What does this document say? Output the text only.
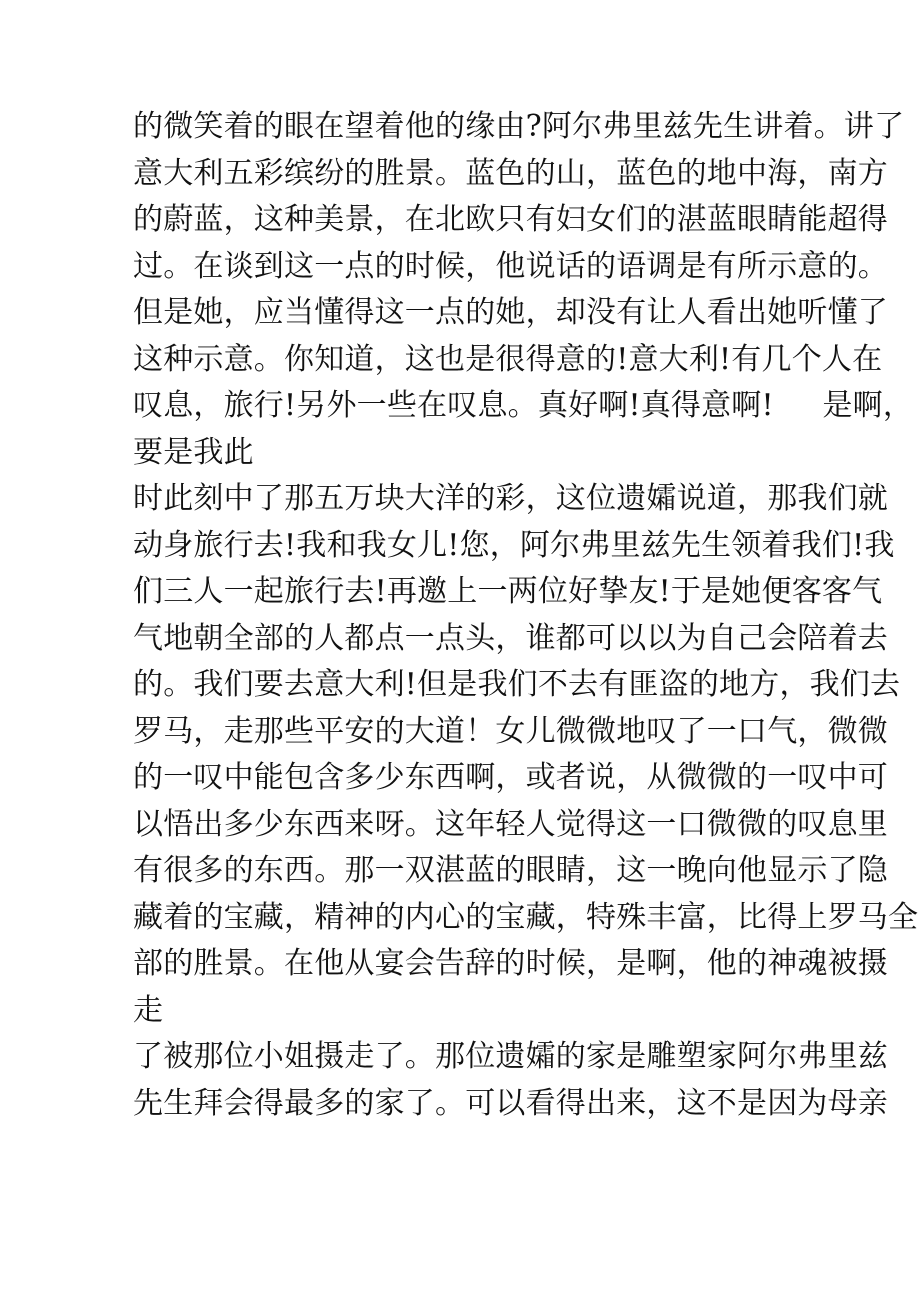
的微笑着的眼在望着他的缘由?阿尔弗里兹先生讲着。讲了
意大利五彩缤纷的胜景。蓝色的山，蓝色的地中海，南方
的蔚蓝，这种美景，在北欧只有妇女们的湛蓝眼睛能超得
过。在谈到这一点的时候，他说话的语调是有所示意的。
但是她，应当懂得这一点的她，却没有让人看出她听懂了
这种示意。你知道，这也是很得意的!意大利!有几个人在
叹息，旅行!另外一些在叹息。真好啊!真得意啊!     是啊，
要是我此
时此刻中了那五万块大洋的彩，这位遗孀说道，那我们就
动身旅行去!我和我女儿!您，阿尔弗里兹先生领着我们!我
们三人一起旅行去!再邀上一两位好挚友!于是她便客客气
气地朝全部的人都点一点头，谁都可以以为自己会陪着去
的。我们要去意大利!但是我们不去有匪盗的地方，我们去
罗马，走那些平安的大道！女儿微微地叹了一口气，微微
的一叹中能包含多少东西啊，或者说，从微微的一叹中可
以悟出多少东西来呀。这年轻人觉得这一口微微的叹息里
有很多的东西。那一双湛蓝的眼睛，这一晚向他显示了隐
藏着的宝藏，精神的内心的宝藏，特殊丰富，比得上罗马全
部的胜景。在他从宴会告辞的时候，是啊，他的神魂被摄
走
了被那位小姐摄走了。那位遗孀的家是雕塑家阿尔弗里兹
先生拜会得最多的家了。可以看得出来，这不是因为母亲
